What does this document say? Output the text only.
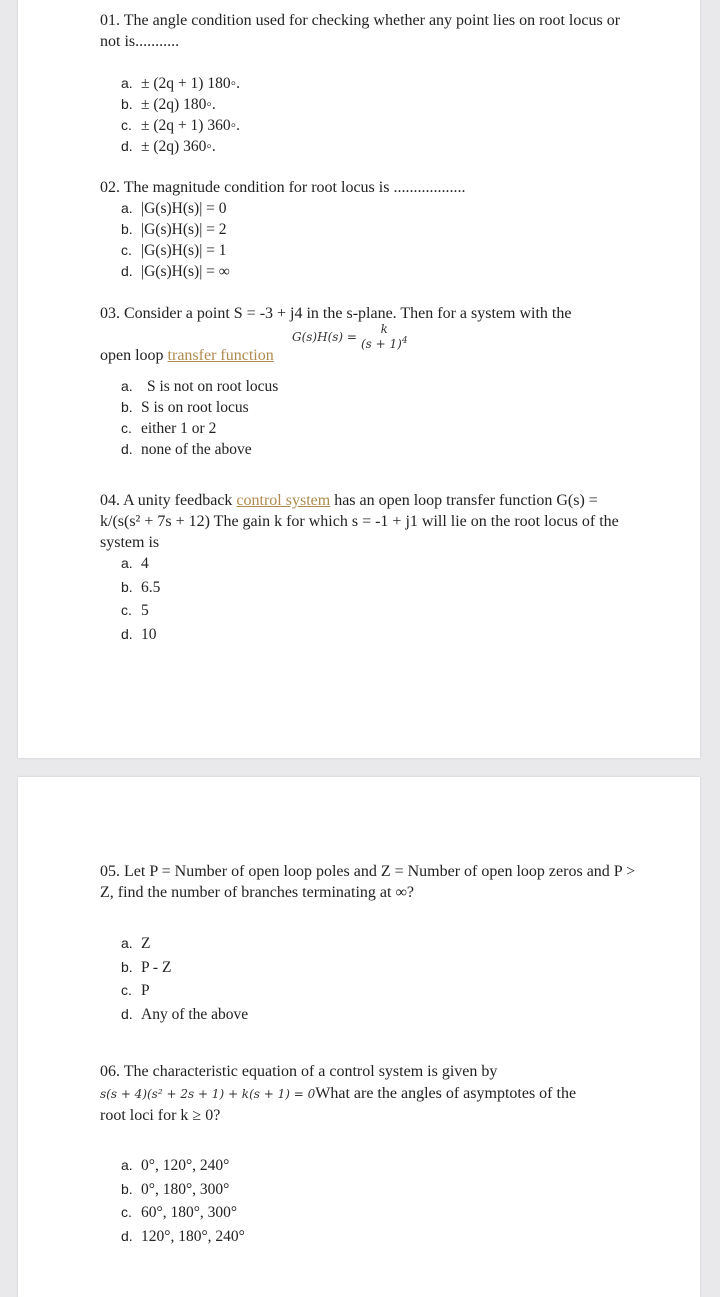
01. The angle condition used for checking whether any point lies on root locus or not is...........

a. ± (2q + 1) 180◦.
b. ± (2q) 180◦.
c. ± (2q + 1) 360◦.
d. ± (2q) 360◦.

02. The magnitude condition for root locus is ..................

a. |G(s)H(s)| = 0
b. |G(s)H(s)| = 2
c. |G(s)H(s)| = 1
d. |G(s)H(s)| = ∞

03. Consider a point S = -3 + j4 in the s-plane. Then for a system with the

G(s)H(s) =
k
$(s + 1)^4$

open loop transfer function

a. S is not on root locus
b. S is on root locus
c. either 1 or 2
d. none of the above

04. A unity feedback control system has an open loop transfer function G(s) = k/(s(s² + 7s + 12) The gain k for which s = -1 + j1 will lie on the root locus of the system is

a. 4
b. 6.5
c. 5
d. 10

05. Let P = Number of open loop poles and Z = Number of open loop zeros and P > Z, find the number of branches terminating at ∞?

a. Z
b. P - Z
c. P
d. Any of the above

06. The characteristic equation of a control system is given by

s(s + 4)(s² + 2s + 1) + k(s + 1) = 0What are the angles of asymptotes of the

root loci for k ≥ 0?

a. 0°, 120°, 240°
b. 0°, 180°, 300°
c. 60°, 180°, 300°
d. 120°, 180°, 240°
